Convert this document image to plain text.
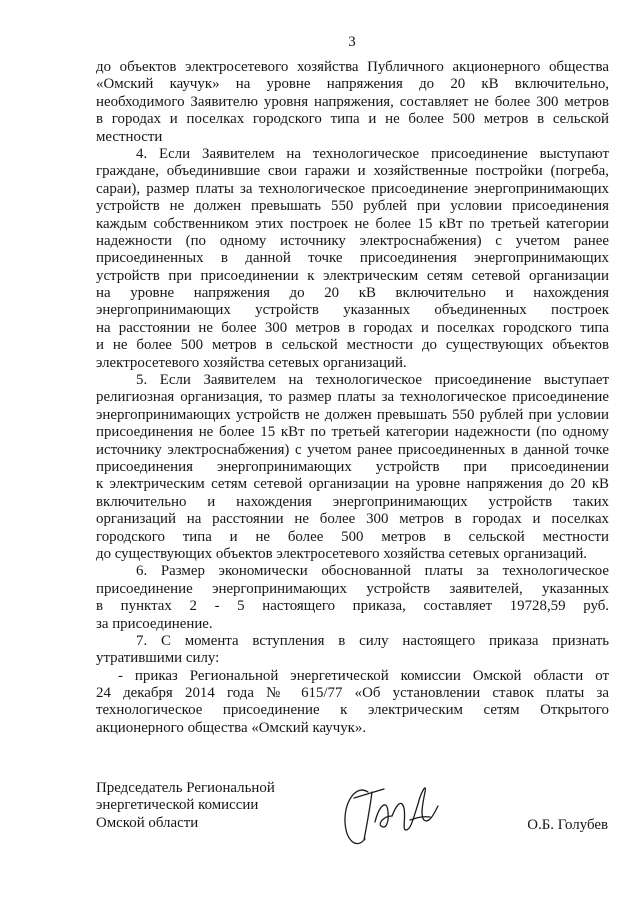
3
до объектов электросетевого хозяйства Публичного акционерного общества
«Омский каучук» на уровне напряжения до 20 кВ включительно,
необходимого Заявителю уровня напряжения, составляет не более 300 метров
в городах и поселках городского типа и не более 500 метров в сельской
местности
4. Если Заявителем на технологическое присоединение выступают
граждане, объединившие свои гаражи и хозяйственные постройки (погреба,
сараи), размер платы за технологическое присоединение энергопринимающих
устройств не должен превышать 550 рублей при условии присоединения
каждым собственником этих построек не более 15 кВт по третьей категории
надежности (по одному источнику электроснабжения) с учетом ранее
присоединенных в данной точке присоединения энергопринимающих
устройств при присоединении к электрическим сетям сетевой организации
на уровне напряжения до 20 кВ включительно и нахождения
энергопринимающих устройств указанных объединенных построек
на расстоянии не более 300 метров в городах и поселках городского типа
и не более 500 метров в сельской местности до существующих объектов
электросетевого хозяйства сетевых организаций.
5. Если Заявителем на технологическое присоединение выступает
религиозная организация, то размер платы за технологическое присоединение
энергопринимающих устройств не должен превышать 550 рублей при условии
присоединения не более 15 кВт по третьей категории надежности (по одному
источнику электроснабжения) с учетом ранее присоединенных в данной точке
присоединения энергопринимающих устройств при присоединении
к электрическим сетям сетевой организации на уровне напряжения до 20 кВ
включительно и нахождения энергопринимающих устройств таких
организаций на расстоянии не более 300 метров в городах и поселках
городского типа и не более 500 метров в сельской местности
до существующих объектов электросетевого хозяйства сетевых организаций.
6. Размер экономически обоснованной платы за технологическое
присоединение энергопринимающих устройств заявителей, указанных
в пунктах 2 - 5 настоящего приказа, составляет 19728,59 руб.
за присоединение.
7. С момента вступления в силу настоящего приказа признать
утратившими силу:
- приказ Региональной энергетической комиссии Омской области от
24 декабря 2014 года № 615/77 «Об установлении ставок платы за
технологическое присоединение к электрическим сетям Открытого
акционерного общества «Омский каучук».
Председатель Региональной
энергетической комиссии
Омской области	О.Б. Голубев
